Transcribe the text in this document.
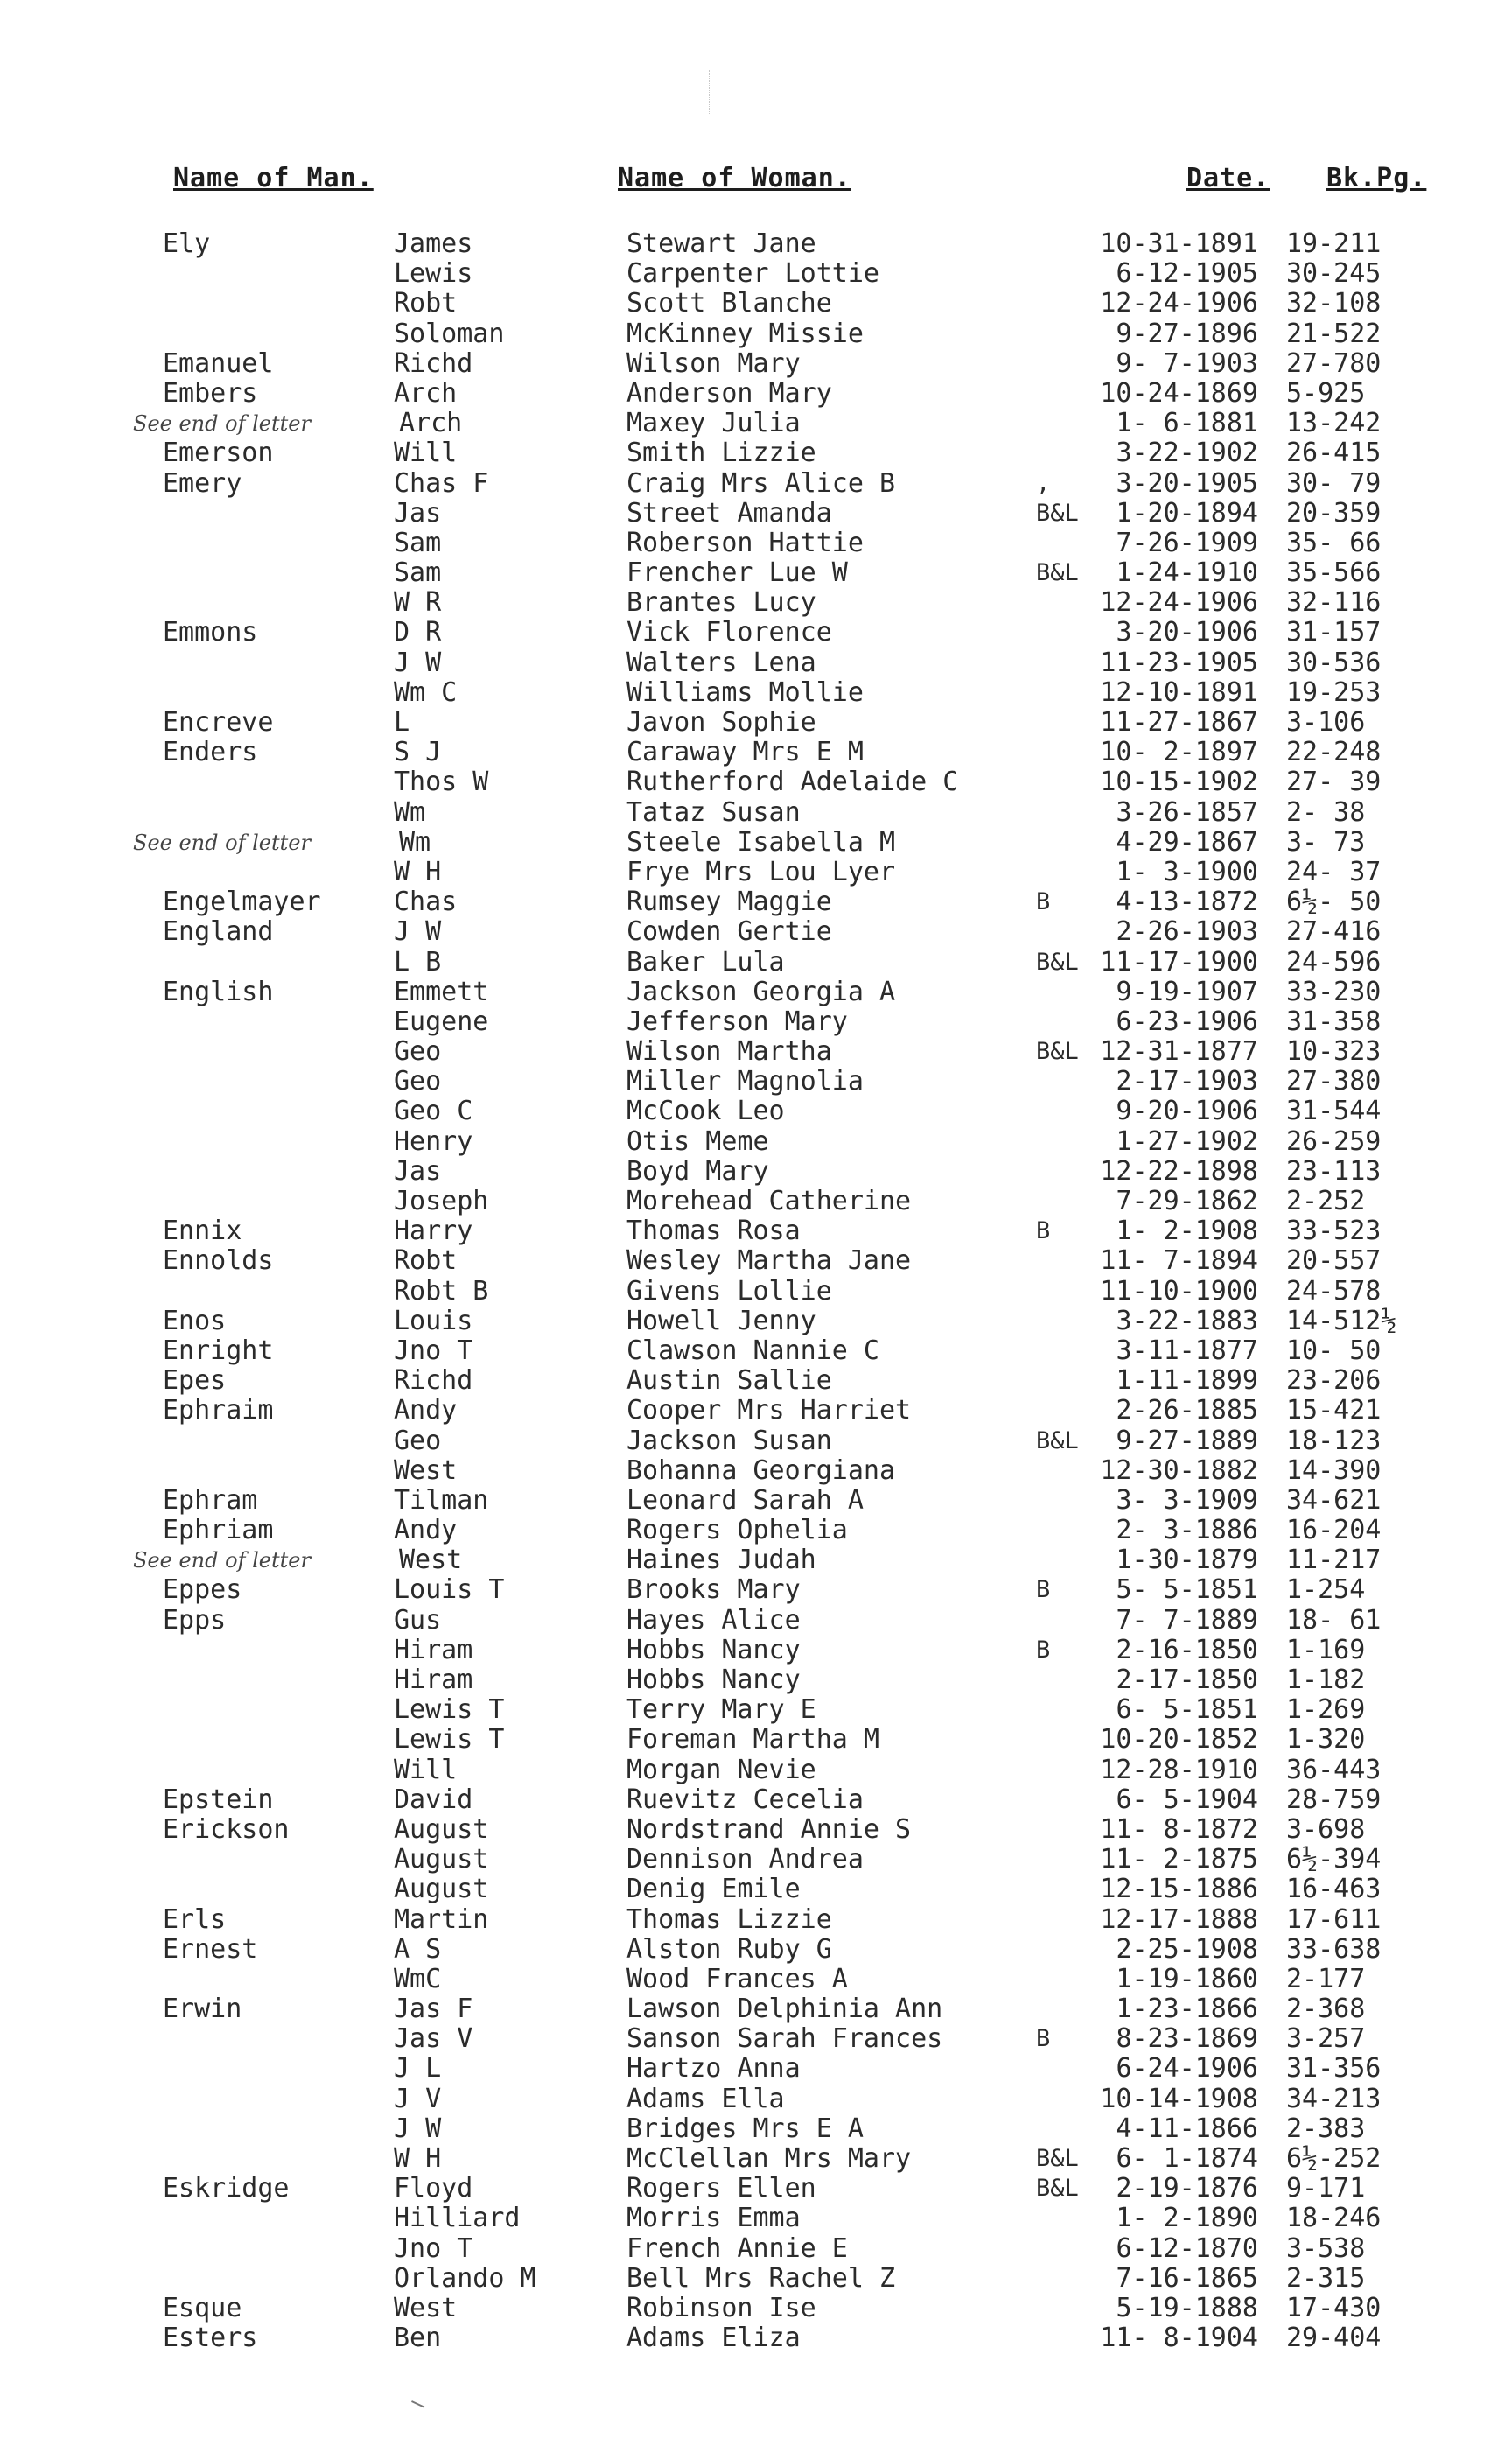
Name of Man.	Name of Woman.	Date. Bk.Pg.
Ely	James	Stewart Jane	10-31-1891 19-211
Lewis	Carpenter Lottie	6-12-1905 30-245
Robt	Scott Blanche	12-24-1906 32-108
Soloman	McKinney Missie	9-27-1896 21-522
Emanuel	Richd	Wilson Mary	9- 7-1903 27-780
Embers	Arch	Anderson Mary	10-24-1869 5-925
Arch	Maxey Julia	1- 6-1881 13-242
See end of letter
Emerson	Will	Smith Lizzie	3-22-1902 26-415
Emery	Chas F	Craig Mrs Alice B	,	3-20-1905 30- 79
Jas	Street Amanda	B&L 1-20-1894 20-359
Sam	Roberson Hattie	7-26-1909 35- 66
Sam	Frencher Lue W	B&L 1-24-1910 35-566
W R	Brantes Lucy	12-24-1906 32-116
Emmons	D R	Vick Florence	3-20-1906 31-157
J W	Walters Lena	11-23-1905 30-536
Wm C	Williams Mollie	12-10-1891 19-253
Encreve	L	Javon Sophie	11-27-1867 3-106
Enders	S J	Caraway Mrs E M	10- 2-1897 22-248
Thos W	Rutherford Adelaide C	10-15-1902 27- 39
Wm	Tataz Susan	3-26-1857 2- 38
Wm	Steele Isabella M	4-29-1867 3- 73
See end of letter
W H	Frye Mrs Lou Lyer	1- 3-1900 24- 37
Engelmayer	Chas	Rumsey Maggie	B	4-13-1872 6½- 50
England	J W	Cowden Gertie	2-26-1903 27-416
L B	Baker Lula	B&L 11-17-1900 24-596
English	Emmett	Jackson Georgia A	9-19-1907 33-230
Eugene	Jefferson Mary	6-23-1906 31-358
Geo	Wilson Martha	B&L 12-31-1877 10-323
Geo	Miller Magnolia	2-17-1903 27-380
Geo C	McCook Leo	9-20-1906 31-544
Henry	Otis Meme	1-27-1902 26-259
Jas	Boyd Mary	12-22-1898 23-113
Joseph	Morehead Catherine	7-29-1862 2-252
Ennix	Harry	Thomas Rosa	B	1- 2-1908 33-523
Ennolds	Robt	Wesley Martha Jane	11- 7-1894 20-557
Robt B	Givens Lollie	11-10-1900 24-578
Enos	Louis	Howell Jenny	3-22-1883 14-512½
Enright	Jno T	Clawson Nannie C	3-11-1877 10- 50
Epes	Richd	Austin Sallie	1-11-1899 23-206
Ephraim	Andy	Cooper Mrs Harriet	2-26-1885 15-421
Geo	Jackson Susan	B&L 9-27-1889 18-123
West	Bohanna Georgiana	12-30-1882 14-390
Ephram	Tilman	Leonard Sarah A	3- 3-1909 34-621
Ephriam	Andy	Rogers Ophelia	2- 3-1886 16-204
West	Haines Judah	1-30-1879 11-217
See end of letter
Eppes	Louis T	Brooks Mary	B	5- 5-1851 1-254
Epps	Gus	Hayes Alice	7- 7-1889 18- 61
Hiram	Hobbs Nancy	B	2-16-1850 1-169
Hiram	Hobbs Nancy	2-17-1850 1-182
Lewis T	Terry Mary E	6- 5-1851 1-269
Lewis T	Foreman Martha M	10-20-1852 1-320
Will	Morgan Nevie	12-28-1910 36-443
Epstein	David	Ruevitz Cecelia	6- 5-1904 28-759
Erickson	August	Nordstrand Annie S	11- 8-1872 3-698
August	Dennison Andrea	11- 2-1875 6½-394
August	Denig Emile	12-15-1886 16-463
Erls	Martin	Thomas Lizzie	12-17-1888 17-611
Ernest	A S	Alston Ruby G	2-25-1908 33-638
WmC	Wood Frances A	1-19-1860 2-177
Erwin	Jas F	Lawson Delphinia Ann	1-23-1866 2-368
Jas V	Sanson Sarah Frances	B	8-23-1869 3-257
J L	Hartzo Anna	6-24-1906 31-356
J V	Adams Ella	10-14-1908 34-213
J W	Bridges Mrs E A	4-11-1866 2-383
W H	McClellan Mrs Mary	B&L 6- 1-1874 6½-252
Eskridge	Floyd	Rogers Ellen	B&L 2-19-1876 9-171
Hilliard	Morris Emma	1- 2-1890 18-246
Jno T	French Annie E	6-12-1870 3-538
Orlando M	Bell Mrs Rachel Z	7-16-1865 2-315
Esque	West	Robinson Ise	5-19-1888 17-430
Esters	Ben	Adams Eliza	11- 8-1904 29-404
